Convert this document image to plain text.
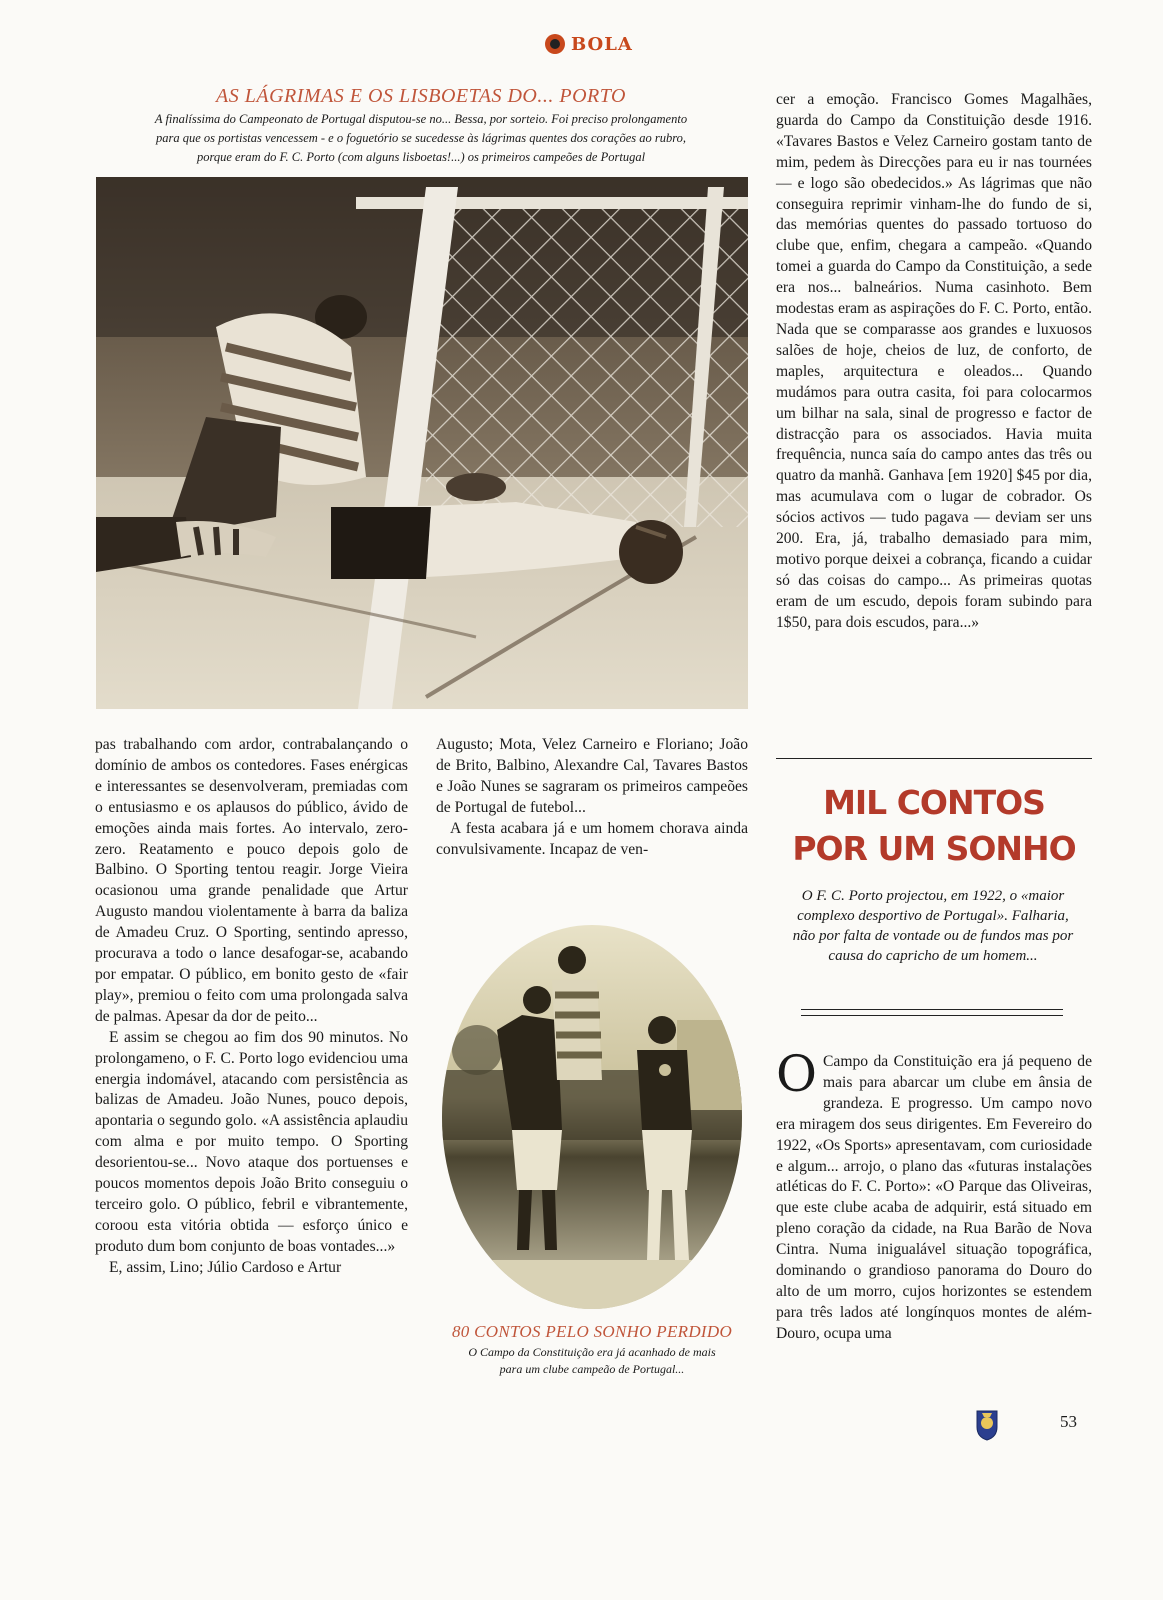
BOLA
AS LÁGRIMAS E OS LISBOETAS DO... PORTO
A finalíssima do Campeonato de Portugal disputou-se no... Bessa, por sorteio. Foi preciso prolongamento
para que os portistas vencessem - e o foguetório se sucedesse às lágrimas quentes dos corações ao rubro,
porque eram do F. C. Porto (com alguns lisboetas!...) os primeiros campeões de Portugal

pas trabalhando com ardor, contrabalançando o domínio de ambos os contedores. Fases enérgicas e interessantes se desenvolveram, premiadas com o entusiasmo e os aplausos do público, ávido de emoções ainda mais fortes. Ao intervalo, zero-zero. Reatamento e pouco depois golo de Balbino. O Sporting tentou reagir. Jorge Vieira ocasionou uma grande penalidade que Artur Augusto mandou violentamente à barra da baliza de Amadeu Cruz. O Sporting, sentindo apresso, procurava a todo o lance desafogar-se, acabando por empatar. O público, em bonito gesto de «fair play», premiou o feito com uma prolongada salva de palmas. Apesar da dor de peito...

E assim se chegou ao fim dos 90 minutos. No prolongameno, o F. C. Porto logo evidenciou uma energia indomável, atacando com persistência as balizas de Amadeu. João Nunes, pouco depois, apontaria o segundo golo. «A assistência aplaudiu com alma e por muito tempo. O Sporting desorientou-se... Novo ataque dos portuenses e poucos momentos depois João Brito conseguiu o terceiro golo. O público, febril e vibrantemente, coroou esta vitória obtida — esforço único e produto dum bom conjunto de boas vontades...»

E, assim, Lino; Júlio Cardoso e Artur

Augusto; Mota, Velez Carneiro e Floriano; João de Brito, Balbino, Alexandre Cal, Tavares Bastos e João Nunes se sagraram os primeiros campeões de Portugal de futebol...

A festa acabara já e um homem chorava ainda convulsivamente. Incapaz de ven-

80 CONTOS PELO SONHO PERDIDO
O Campo da Constituição era já acanhado de mais
para um clube campeão de Portugal...

cer a emoção. Francisco Gomes Magalhães, guarda do Campo da Constituição desde 1916. «Tavares Bastos e Velez Carneiro gostam tanto de mim, pedem às Direcções para eu ir nas tournées — e logo são obedecidos.» As lágrimas que não conseguira reprimir vinham-lhe do fundo de si, das memórias quentes do passado tortuoso do clube que, enfim, chegara a campeão. «Quando tomei a guarda do Campo da Constituição, a sede era nos... balneários. Numa casinhoto. Bem modestas eram as aspirações do F. C. Porto, então. Nada que se comparasse aos grandes e luxuosos salões de hoje, cheios de luz, de conforto, de maples, arquitectura e oleados... Quando mudámos para outra casita, foi para colocarmos um bilhar na sala, sinal de progresso e factor de distracção para os associados. Havia muita frequência, nunca saía do campo antes das três ou quatro da manhã. Ganhava [em 1920] $45 por dia, mas acumulava com o lugar de cobrador. Os sócios activos — tudo pagava — deviam ser uns 200. Era, já, trabalho demasiado para mim, motivo porque deixei a cobrança, ficando a cuidar só das coisas do campo... As primeiras quotas eram de um escudo, depois foram subindo para 1$50, para dois escudos, para...»

MIL CONTOS
POR UM SONHO
O F. C. Porto projectou, em 1922, o «maior complexo desportivo de Portugal». Falharia, não por falta de vontade ou de fundos mas por causa do capricho de um homem...
O Campo da Constituição era já pequeno de mais para abarcar um clube em ânsia de grandeza. E progresso. Um campo novo era miragem dos seus dirigentes. Em Fevereiro do 1922, «Os Sports» apresentavam, com curiosidade e algum... arrojo, o plano das «futuras instalações atléticas do F. C. Porto»: «O Parque das Oliveiras, que este clube acaba de adquirir, está situado em pleno coração da cidade, na Rua Barão de Nova Cintra. Numa inigualável situação topográfica, dominando o grandioso panorama do Douro do alto de um morro, cujos horizontes se estendem para três lados até longínquos montes de além-Douro, ocupa uma
53
